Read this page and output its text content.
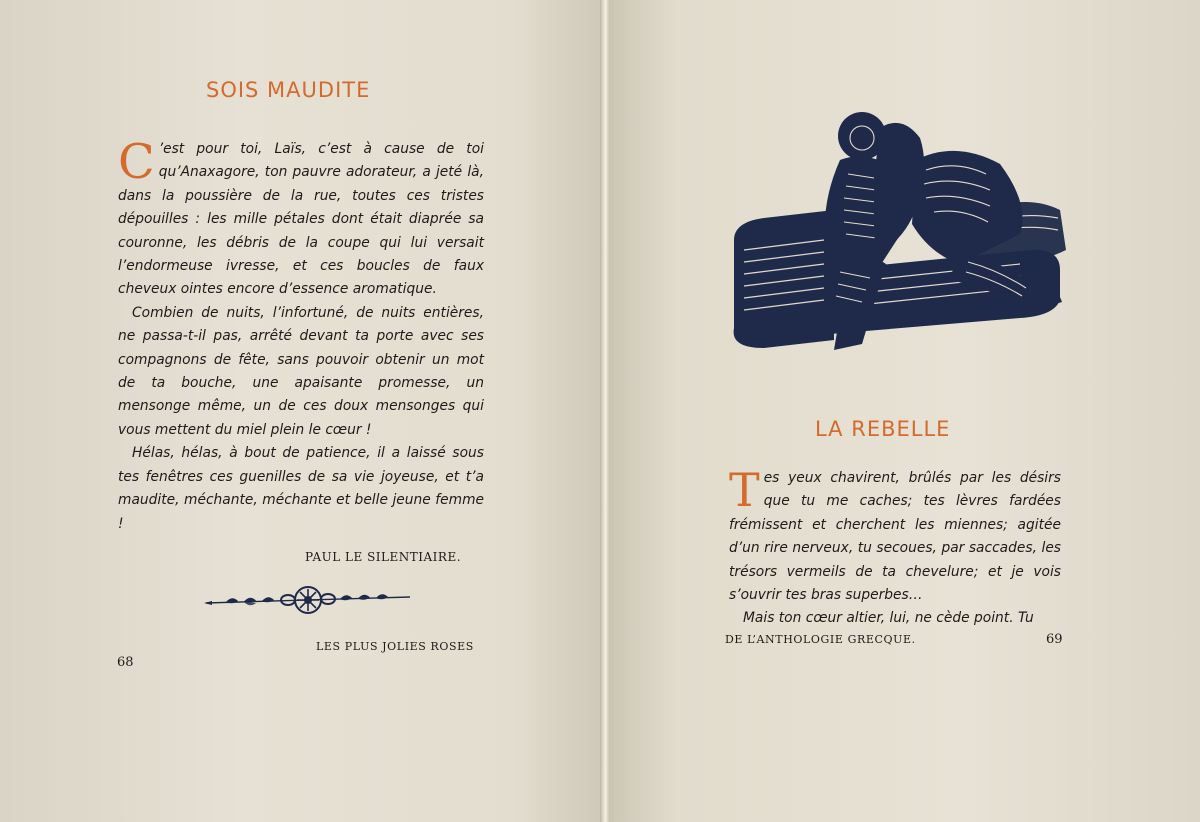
SOIS MAUDITE

C ’est pour toi, Laïs, c’est à cause de toi qu’Anaxagore, ton pauvre adorateur, a jeté là, dans la poussière de la rue, toutes ces tristes dépouilles : les mille pétales dont était diaprée sa couronne, les débris de la coupe qui lui versait l’endormeuse ivresse, et ces boucles de faux cheveux ointes encore d’essence aromatique.

Combien de nuits, l’infortuné, de nuits entières, ne passa-t-il pas, arrêté devant ta porte avec ses compagnons de fête, sans pouvoir obtenir un mot de ta bouche, une apaisante promesse, un mensonge même, un de ces doux mensonges qui vous mettent du miel plein le cœur !

Hélas, hélas, à bout de patience, il a laissé sous tes fenêtres ces guenilles de sa vie joyeuse, et t’a maudite, méchante, méchante et belle jeune femme !

PAUL LE SILENTIAIRE.

LES PLUS JOLIES ROSES

68

LA REBELLE

Tes yeux chavirent, brûlés par les désirs que tu me caches; tes lèvres fardées frémissent et cherchent les miennes; agitée d’un rire nerveux, tu secoues, par saccades, les trésors vermeils de ta chevelure; et je vois s’ouvrir tes bras superbes…

Mais ton cœur altier, lui, ne cède point. Tu

DE L’ANTHOLOGIE GRECQUE.	69
